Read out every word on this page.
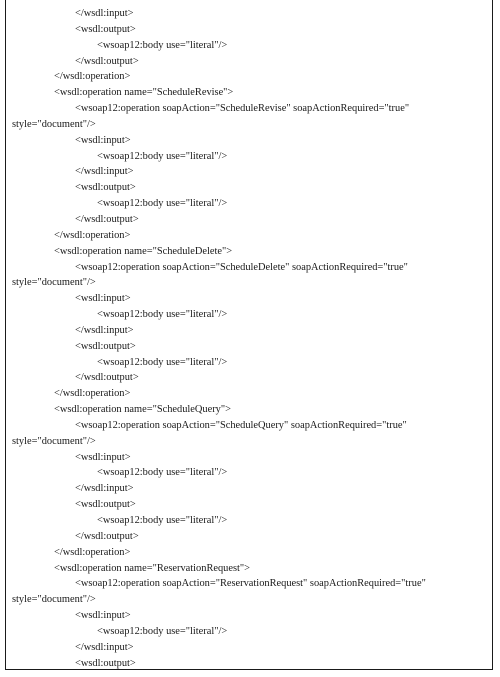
</wsdl:input>
<wsdl:output>
<wsoap12:body use="literal"/>
</wsdl:output>
</wsdl:operation>
<wsdl:operation name="ScheduleRevise">
<wsoap12:operation soapAction="ScheduleRevise" soapActionRequired="true"
style="document"/>
<wsdl:input>
<wsoap12:body use="literal"/>
</wsdl:input>
<wsdl:output>
<wsoap12:body use="literal"/>
</wsdl:output>
</wsdl:operation>
<wsdl:operation name="ScheduleDelete">
<wsoap12:operation soapAction="ScheduleDelete" soapActionRequired="true"
style="document"/>
<wsdl:input>
<wsoap12:body use="literal"/>
</wsdl:input>
<wsdl:output>
<wsoap12:body use="literal"/>
</wsdl:output>
</wsdl:operation>
<wsdl:operation name="ScheduleQuery">
<wsoap12:operation soapAction="ScheduleQuery" soapActionRequired="true"
style="document"/>
<wsdl:input>
<wsoap12:body use="literal"/>
</wsdl:input>
<wsdl:output>
<wsoap12:body use="literal"/>
</wsdl:output>
</wsdl:operation>
<wsdl:operation name="ReservationRequest">
<wsoap12:operation soapAction="ReservationRequest" soapActionRequired="true"
style="document"/>
<wsdl:input>
<wsoap12:body use="literal"/>
</wsdl:input>
<wsdl:output>
